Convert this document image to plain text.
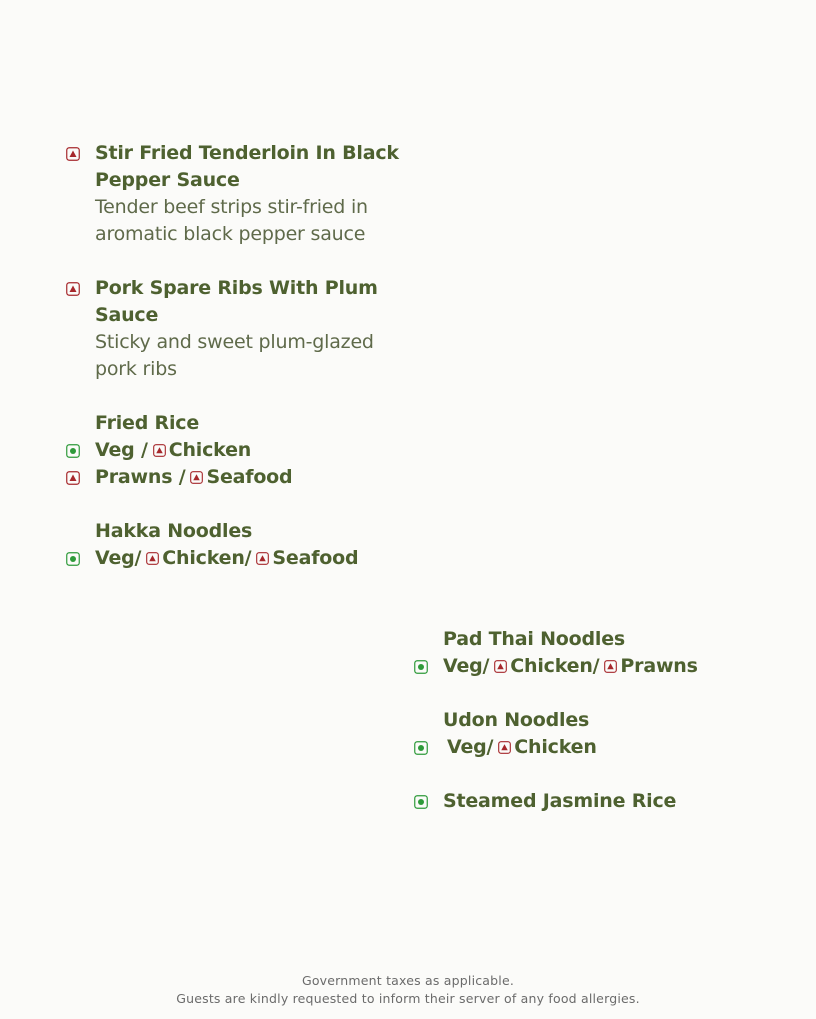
Stir Fried Tenderloin In Black
Pepper Sauce
Tender beef strips stir-fried in
aromatic black pepper sauce
Pork Spare Ribs With Plum
Sauce
Sticky and sweet plum-glazed
pork ribs
Fried Rice
Veg / Chicken
Prawns / Seafood
Hakka Noodles
Veg/ Chicken/ Seafood
Pad Thai Noodles
Veg/ Chicken/ Prawns
Udon Noodles
Veg/ Chicken
Steamed Jasmine Rice
Government taxes as applicable.
Guests are kindly requested to inform their server of any food allergies.
